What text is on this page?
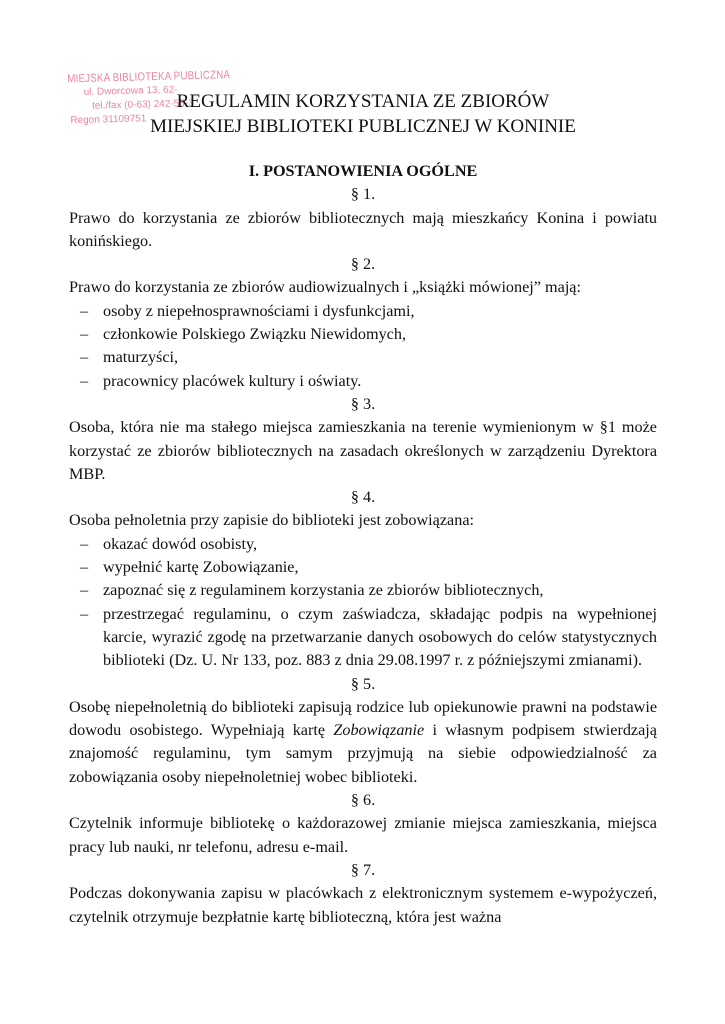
MIEJSKA BIBLIOTEKA PUBLICZNA
ul. Dworcowa 13, 62-
tel./fax (0-63) 242-55-3
Regon 31109751
REGULAMIN KORZYSTANIA ZE ZBIORÓW
MIEJSKIEJ BIBLIOTEKI PUBLICZNEJ W KONINIE

I. POSTANOWIENIA OGÓLNE

§ 1.

Prawo do korzystania ze zbiorów bibliotecznych mają mieszkańcy Konina i powiatu konińskiego.

§ 2.

Prawo do korzystania ze zbiorów audiowizualnych i „książki mówionej” mają:

– osoby z niepełnosprawnościami i dysfunkcjami,
– członkowie Polskiego Związku Niewidomych,
– maturzyści,
– pracownicy placówek kultury i oświaty.

§ 3.

Osoba, która nie ma stałego miejsca zamieszkania na terenie wymienionym w §1 może korzystać ze zbiorów bibliotecznych na zasadach określonych w zarządzeniu Dyrektora MBP.

§ 4.

Osoba pełnoletnia przy zapisie do biblioteki jest zobowiązana:

– okazać dowód osobisty,
– wypełnić kartę Zobowiązanie,
– zapoznać się z regulaminem korzystania ze zbiorów bibliotecznych,
– przestrzegać regulaminu, o czym zaświadcza, składając podpis na wypełnionej karcie, wyrazić zgodę na przetwarzanie danych osobowych do celów statystycznych biblioteki (Dz. U. Nr 133, poz. 883 z dnia 29.08.1997 r. z późniejszymi zmianami).

§ 5.

Osobę niepełnoletnią do biblioteki zapisują rodzice lub opiekunowie prawni na podstawie dowodu osobistego. Wypełniają kartę Zobowiązanie i własnym podpisem stwierdzają znajomość regulaminu, tym samym przyjmują na siebie odpowiedzialność za zobowiązania osoby niepełnoletniej wobec biblioteki.

§ 6.

Czytelnik informuje bibliotekę o każdorazowej zmianie miejsca zamieszkania, miejsca pracy lub nauki, nr telefonu, adresu e-mail.

§ 7.

Podczas dokonywania zapisu w placówkach z elektronicznym systemem e-wypożyczeń, czytelnik otrzymuje bezpłatnie kartę biblioteczną, która jest ważna
